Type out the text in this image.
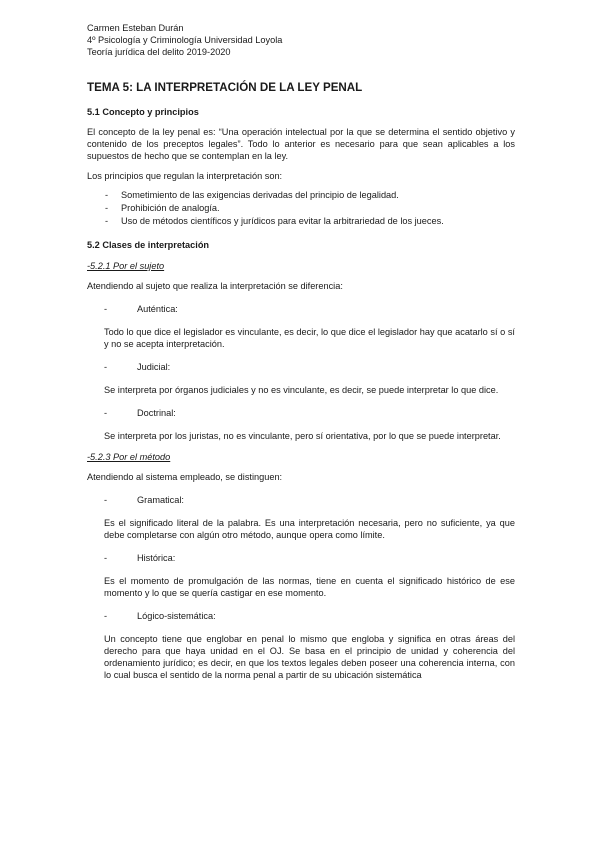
Carmen Esteban Durán
4º Psicología y Criminología Universidad Loyola
Teoría jurídica del delito 2019-2020
TEMA 5: LA INTERPRETACIÓN DE LA LEY PENAL
5.1 Concepto y principios
El concepto de la ley penal es: “Una operación intelectual por la que se determina el sentido objetivo y contenido de los preceptos legales”. Todo lo anterior es necesario para que sean aplicables a los supuestos de hecho que se contemplan en la ley.
Los principios que regulan la interpretación son:
- Sometimiento de las exigencias derivadas del principio de legalidad.
- Prohibición de analogía.
- Uso de métodos científicos y jurídicos para evitar la arbitrariedad de los jueces.
5.2 Clases de interpretación
-5.2.1 Por el sujeto
Atendiendo al sujeto que realiza la interpretación se diferencia:
-	Auténtica:
Todo lo que dice el legislador es vinculante, es decir, lo que dice el legislador hay que acatarlo sí o sí y no se acepta interpretación.
-	Judicial:
Se interpreta por órganos judiciales y no es vinculante, es decir, se puede interpretar lo que dice.
-	Doctrinal:
Se interpreta por los juristas, no es vinculante, pero sí orientativa, por lo que se puede interpretar.
-5.2.3 Por el método
Atendiendo al sistema empleado, se distinguen:
-	Gramatical:
Es el significado literal de la palabra. Es una interpretación necesaria, pero no suficiente, ya que debe completarse con algún otro método, aunque opera como límite.
-	Histórica:
Es el momento de promulgación de las normas, tiene en cuenta el significado histórico de ese momento y lo que se quería castigar en ese momento.
-	Lógico-sistemática:
Un concepto tiene que englobar en penal lo mismo que engloba y significa en otras áreas del derecho para que haya unidad en el OJ. Se basa en el principio de unidad y coherencia del ordenamiento jurídico; es decir, en que los textos legales deben poseer una coherencia interna, con lo cual busca el sentido de la norma penal a partir de su ubicación sistemática
